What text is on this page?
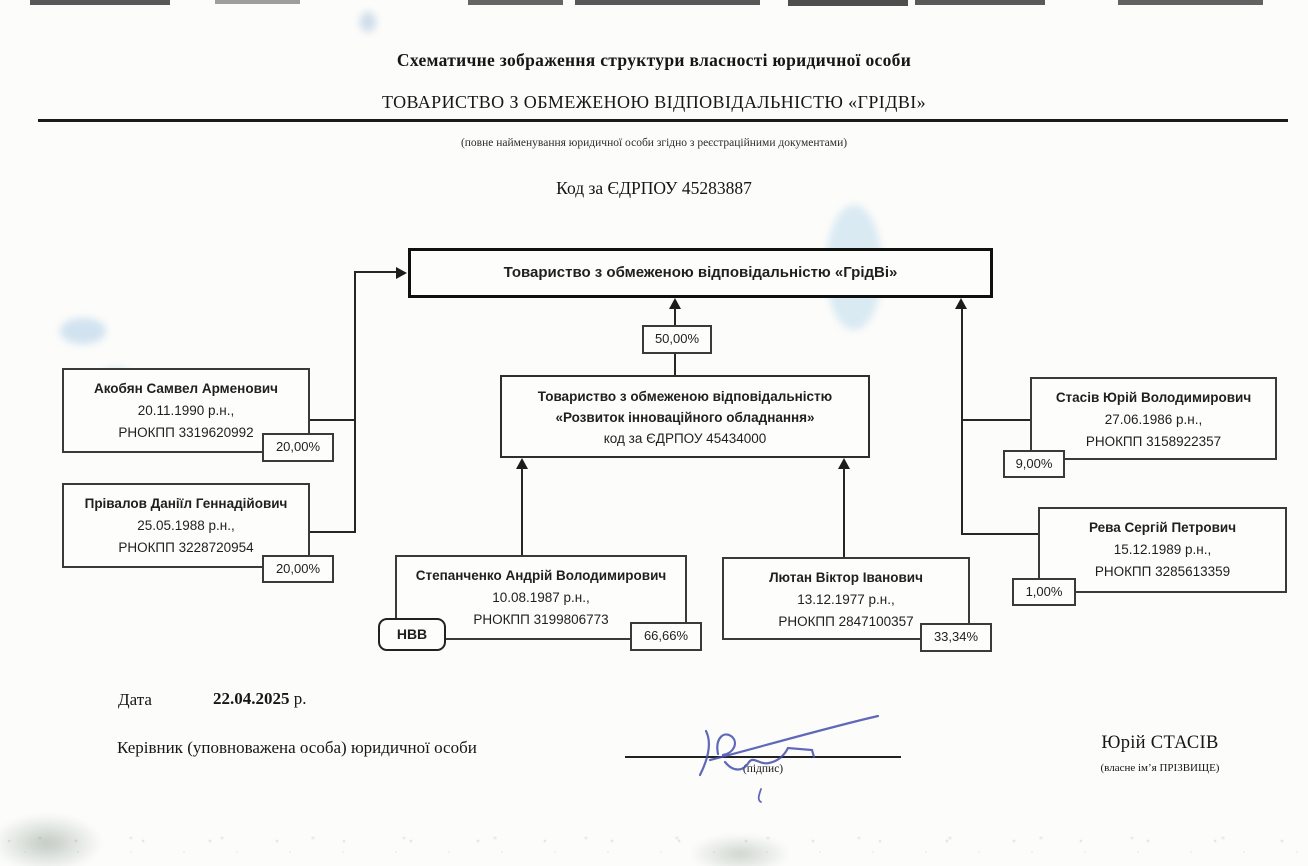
Схематичне зображення структури власності юридичної особи
ТОВАРИСТВО З ОБМЕЖЕНОЮ ВІДПОВІДАЛЬНІСТЮ «ГРІДВІ»
(повне найменування юридичної особи згідно з реєстраційними документами)
Код за ЄДРПОУ 45283887
Товариство з обмеженою відповідальністю «ГрідВі»
50,00%
Товариство з обмеженою відповідальністю
«Розвиток інноваційного обладнання»
код за ЄДРПОУ 45434000
Акобян Самвел Арменович
20.11.1990 р.н.,
РНОКПП 3319620992
20,00%
Прівалов Даніїл Геннадійович
25.05.1988 р.н.,
РНОКПП 3228720954
20,00%
Стасів Юрій Володимирович
27.06.1986 р.н.,
РНОКПП 3158922357
9,00%
Рева Сергій Петрович
15.12.1989 р.н.,
РНОКПП 3285613359
1,00%
Степанченко Андрій Володимирович
10.08.1987 р.н.,
РНОКПП 3199806773
НВВ	66,66%
Лютан Віктор Іванович
13.12.1977 р.н.,
РНОКПП 2847100357
33,34%
Дата	22.04.2025 р.
Керівник (уповноважена особа) юридичної особи
(підпис)
Юрій СТАСІВ
(власне ім’я ПРІЗВИЩЕ)
